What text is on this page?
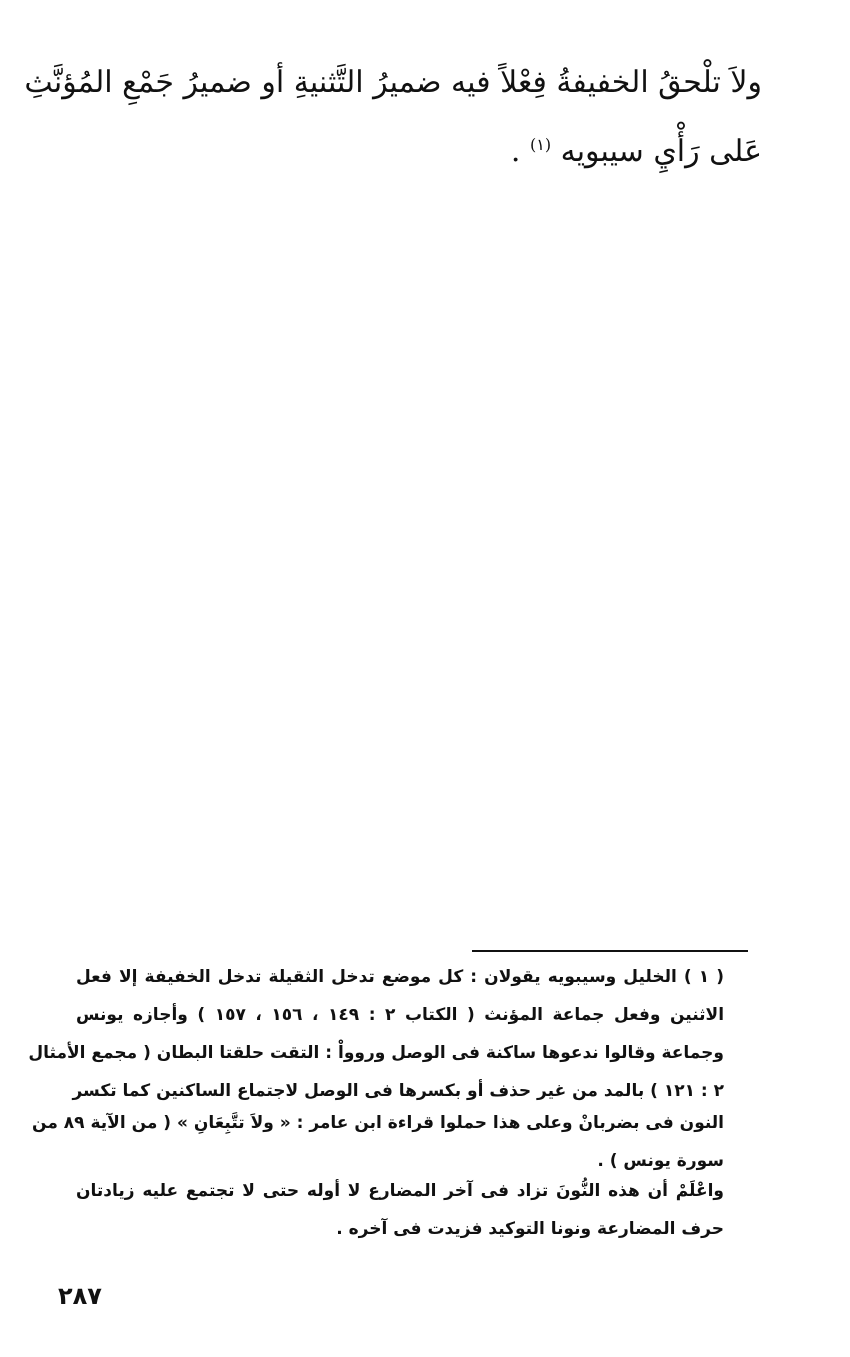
ولاَ تلْحقُ الخفيفةُ فِعْلاً فيه ضميرُ التَّثنيةِ أو ضميرُ جَمْعِ المُؤنَّثِ

عَلى رَأْيِ سيبويه $^{(١)}$ .

( ١ ) الخليل وسيبويه يقولان : كل موضع تدخل الثقيلة تدخل الخفيفة إلا فعل

الاثنين وفعل جماعة المؤنث ( الكتاب ٢ : ١٤٩ ، ١٥٦ ، ١٥٧ ) وأجازه يونس

وجماعة وقالوا ندعوها ساكنة فى الوصل وروواْ : التقت حلقتا البطان ( مجمع الأمثال

٢ : ١٢١ ) بالمد من غير حذف أو بكسرها فى الوصل لاجتماع الساكنين كما تكسر

النون فى بضربانْ وعلى هذا حملوا قراءة ابن عامر : « ولاَ تتَّبِعَانِ » ( من الآية ٨٩ من

سورة يونس ) .

واعْلَمْ أن هذه النُّونَ تزاد فى آخر المضارع لا أوله حتى لا تجتمع عليه زيادتان

حرف المضارعة ونونا التوكيد فزيدت فى آخره .

٢٨٧
